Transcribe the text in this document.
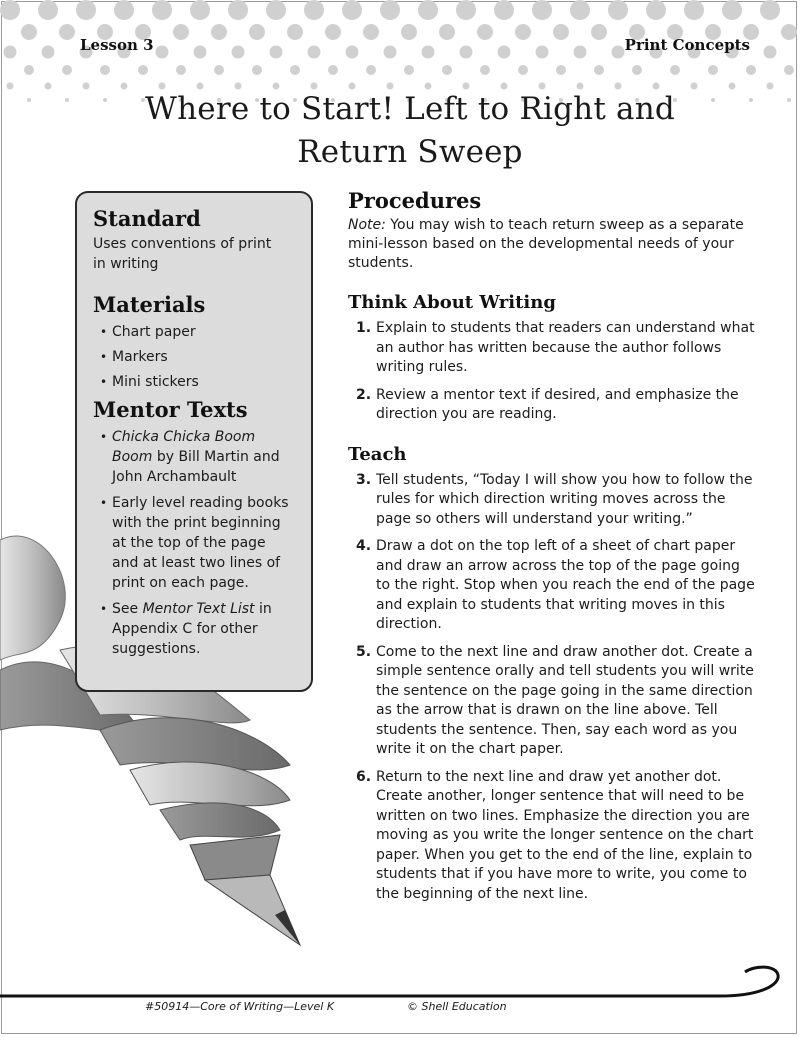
Lesson 3	Print Concepts
Where to Start! Left to Right and
Return Sweep
Standard

Uses conventions of print
in writing

Materials
• Chart paper
• Markers
• Mini stickers
Mentor Texts
• Chicka Chicka Boom Boom by Bill Martin and John Archambault
• Early level reading books with the print beginning at the top of the page and at least two lines of print on each page.
• See Mentor Text List in Appendix C for other suggestions.
Procedures

Note: You may wish to teach return sweep as a separate mini-lesson based on the developmental needs of your students.

Think About Writing
1. Explain to students that readers can understand what an author has written because the author follows writing rules.
2. Review a mentor text if desired, and emphasize the direction you are reading.
Teach
3. Tell students, “Today I will show you how to follow the rules for which direction writing moves across the page so others will understand your writing.”
4. Draw a dot on the top left of a sheet of chart paper and draw an arrow across the top of the page going to the right. Stop when you reach the end of the page and explain to students that writing moves in this direction.
5. Come to the next line and draw another dot. Create a simple sentence orally and tell students you will write the sentence on the page going in the same direction as the arrow that is drawn on the line above. Tell students the sentence. Then, say each word as you write it on the chart paper.
6. Return to the next line and draw yet another dot. Create another, longer sentence that will need to be written on two lines. Emphasize the direction you are moving as you write the longer sentence on the chart paper. When you get to the end of the line, explain to students that if you have more to write, you come to the beginning of the next line.
#50914—Core of Writing—Level K	© Shell Education
